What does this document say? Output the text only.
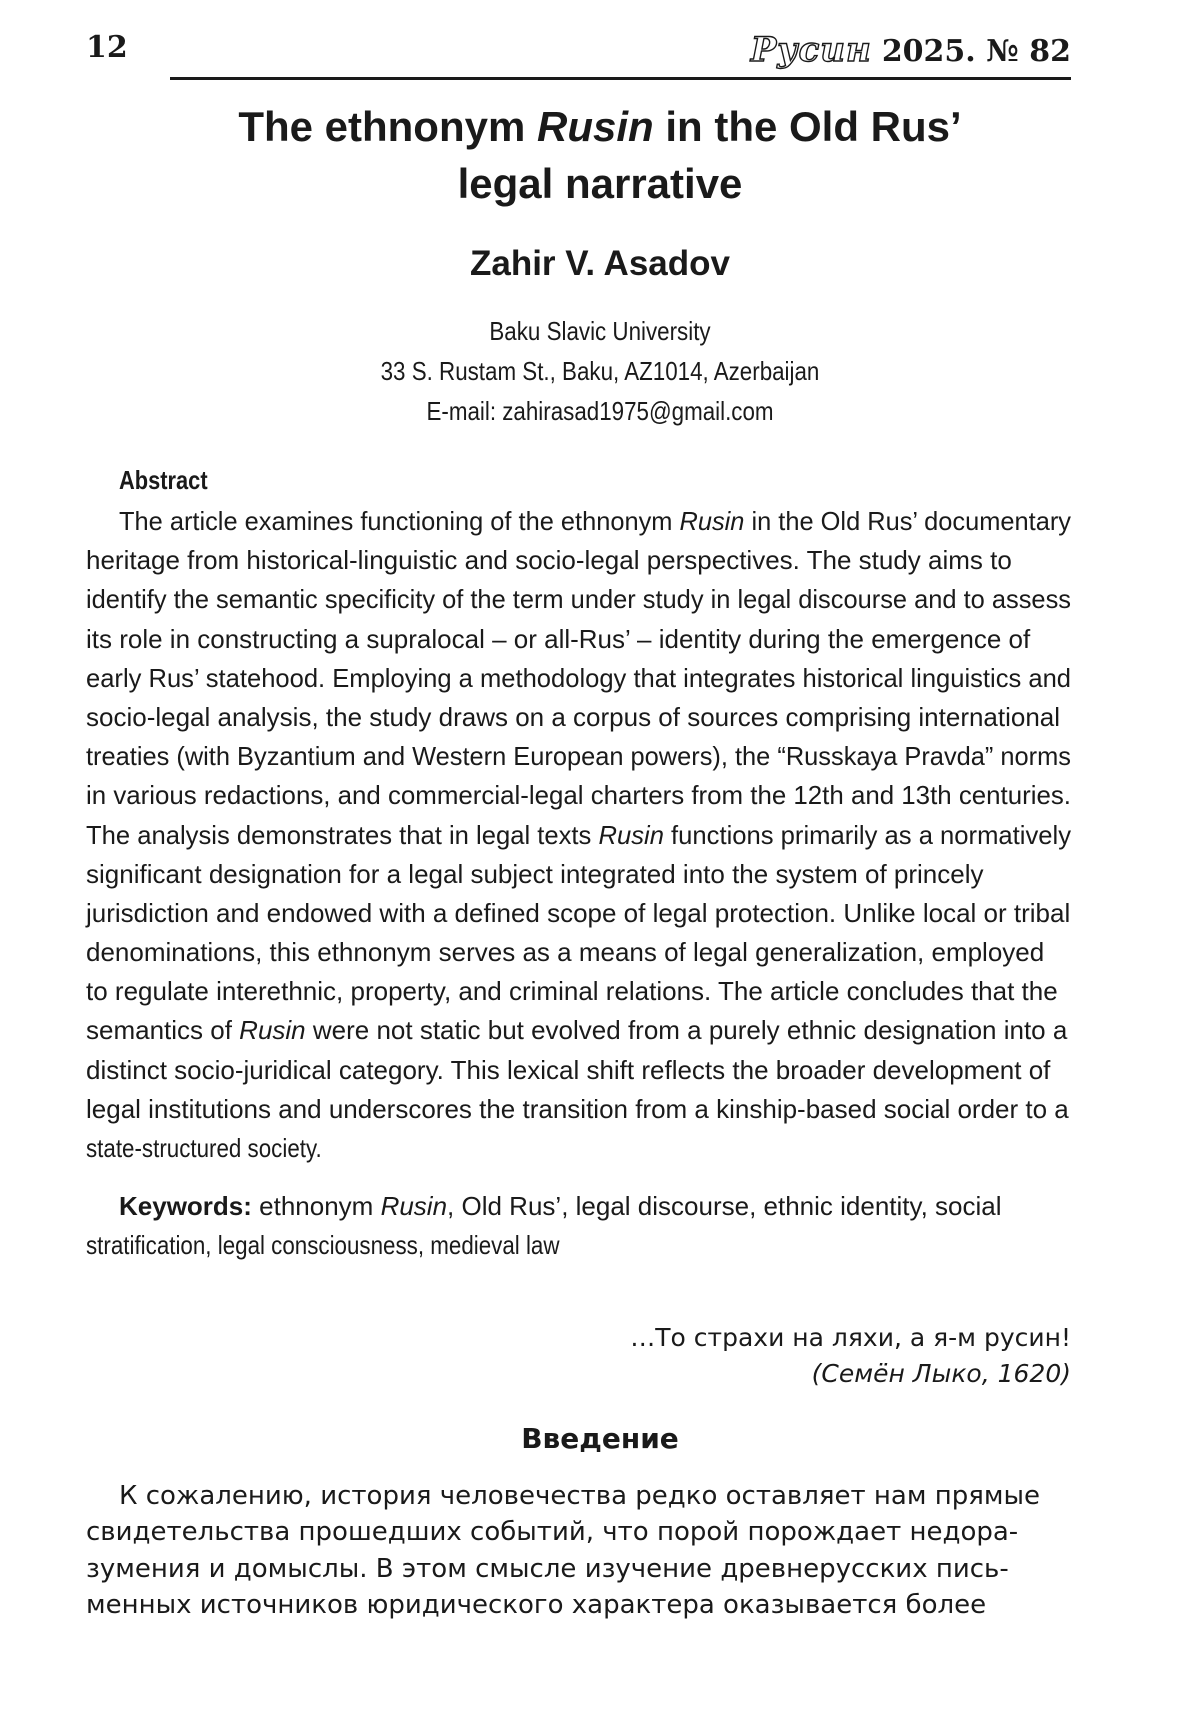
12	Русин 2025. № 82
The ethnonym Rusin in the Old Rus’
legal narrative
Zahir V. Asadov
Baku Slavic University
33 S. Rustam St., Baku, AZ1014, Azerbaijan
E-mail: zahirasad1975@gmail.com
Abstract
The article examines functioning of the ethnonym Rusin in the Old Rus’ documentary
heritage from historical-linguistic and socio-legal perspectives. The study aims to
identify the semantic specificity of the term under study in legal discourse and to assess
its role in constructing a supralocal – or all-Rus’ – identity during the emergence of
early Rus’ statehood. Employing a methodology that integrates historical linguistics and
socio-legal analysis, the study draws on a corpus of sources comprising international
treaties (with Byzantium and Western European powers), the “Russkaya Pravda” norms
in various redactions, and commercial-legal charters from the 12th and 13th centuries.
The analysis demonstrates that in legal texts Rusin functions primarily as a normatively
significant designation for a legal subject integrated into the system of princely
jurisdiction and endowed with a defined scope of legal protection. Unlike local or tribal
denominations, this ethnonym serves as a means of legal generalization, employed
to regulate interethnic, property, and criminal relations. The article concludes that the
semantics of Rusin were not static but evolved from a purely ethnic designation into a
distinct socio-juridical category. This lexical shift reflects the broader development of
legal institutions and underscores the transition from a kinship-based social order to a
state-structured society.
Keywords: ethnonym Rusin, Old Rus’, legal discourse, ethnic identity, social
stratification, legal consciousness, medieval law
…То страхи на ляхи, а я-м русин!
(Семён Лыко, 1620)
Введение
К сожалению, история человечества редко оставляет нам прямые
свидетельства прошедших событий, что порой порождает недора-
зумения и домыслы. В этом смысле изучение древнерусских пись-
менных источников юридического характера оказывается более
